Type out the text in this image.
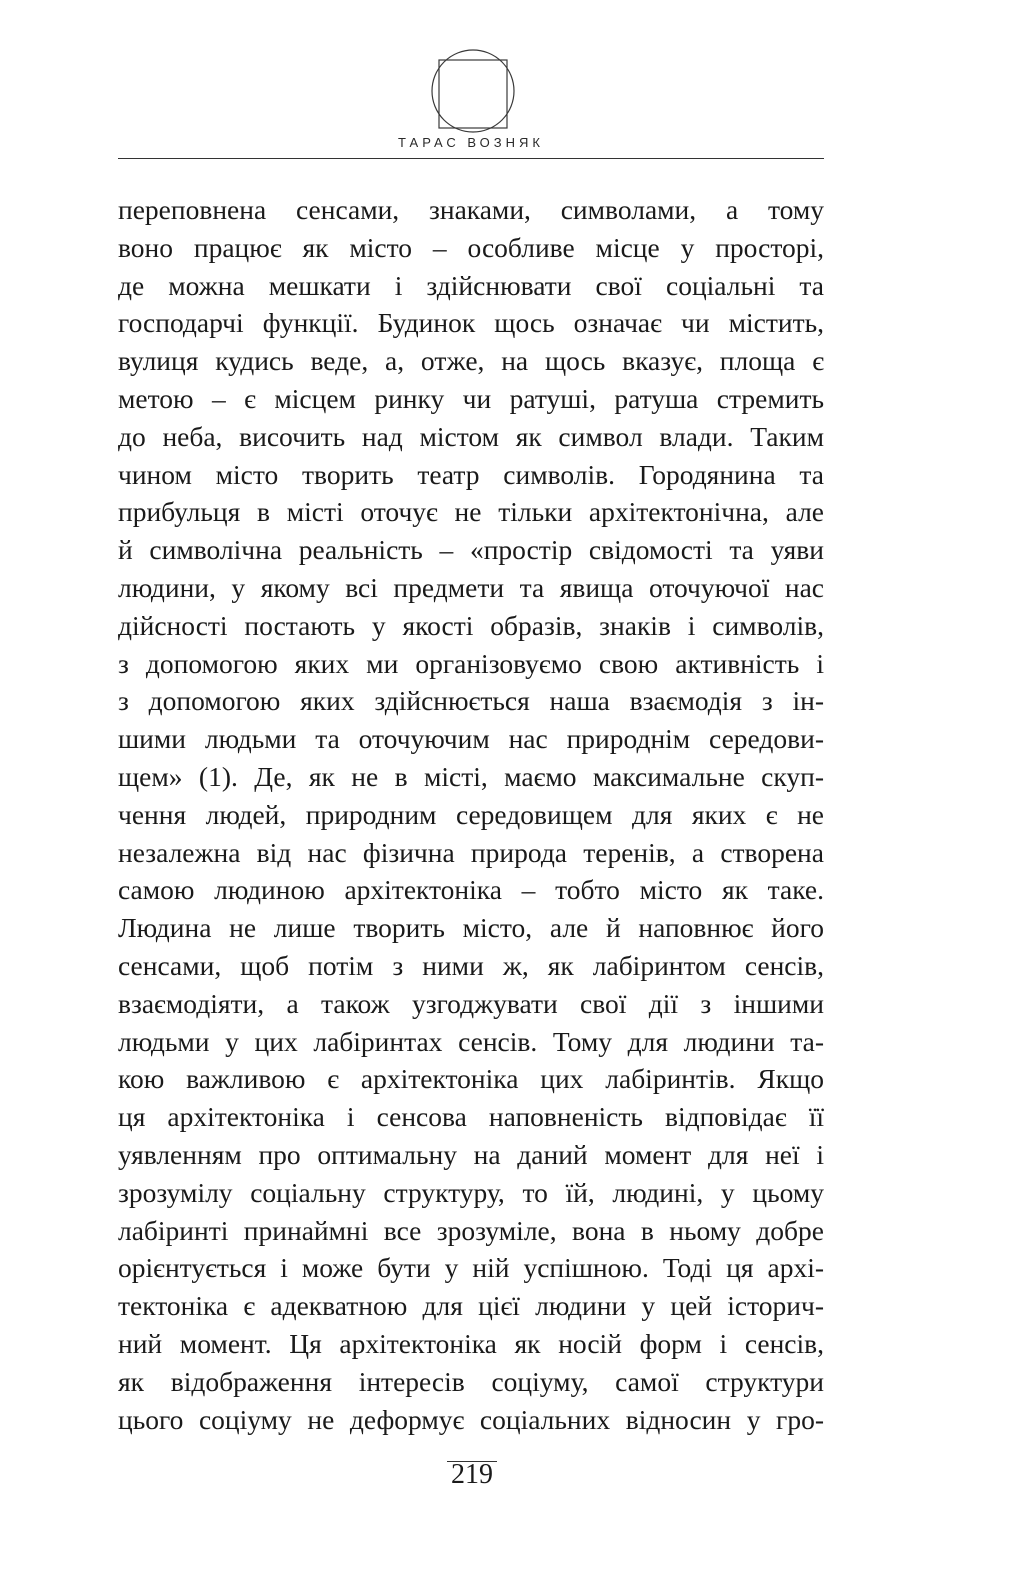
ТАРАС ВОЗНЯК
переповнена сенсами, знаками, символами, а тому
воно працює як місто – особливе місце у просторі,
де можна мешкати і здійснювати свої соціальні та
господарчі функції. Будинок щось означає чи містить,
вулиця кудись веде, а, отже, на щось вказує, площа є
метою – є місцем ринку чи ратуші, ратуша стремить
до неба, височить над містом як символ влади. Таким
чином місто творить театр символів. Городянина та
прибульця в місті оточує не тільки архітектонічна, але
й символічна реальність – «простір свідомості та уяви
людини, у якому всі предмети та явища оточуючої нас
дійсності постають у якості образів, знаків і символів,
з допомогою яких ми організовуємо свою активність і
з допомогою яких здійснюється наша взаємодія з ін-
шими людьми та оточуючим нас природнім середови-
щем» (1). Де, як не в місті, маємо максимальне скуп-
чення людей, природним середовищем для яких є не
незалежна від нас фізична природа теренів, а створена
самою людиною архітектоніка – тобто місто як таке.
Людина не лише творить місто, але й наповнює його
сенсами, щоб потім з ними ж, як лабіринтом сенсів,
взаємодіяти, а також узгоджувати свої дії з іншими
людьми у цих лабіринтах сенсів. Тому для людини та-
кою важливою є архітектоніка цих лабіринтів. Якщо
ця архітектоніка і сенсова наповненість відповідає її
уявленням про оптимальну на даний момент для неї і
зрозумілу соціальну структуру, то їй, людині, у цьому
лабіринті принаймні все зрозуміле, вона в ньому добре
орієнтується і може бути у ній успішною. Тоді ця архі-
тектоніка є адекватною для цієї людини у цей історич-
ний момент. Ця архітектоніка як носій форм і сенсів,
як відображення інтересів соціуму, самої структури
цього соціуму не деформує соціальних відносин у гро-
219
